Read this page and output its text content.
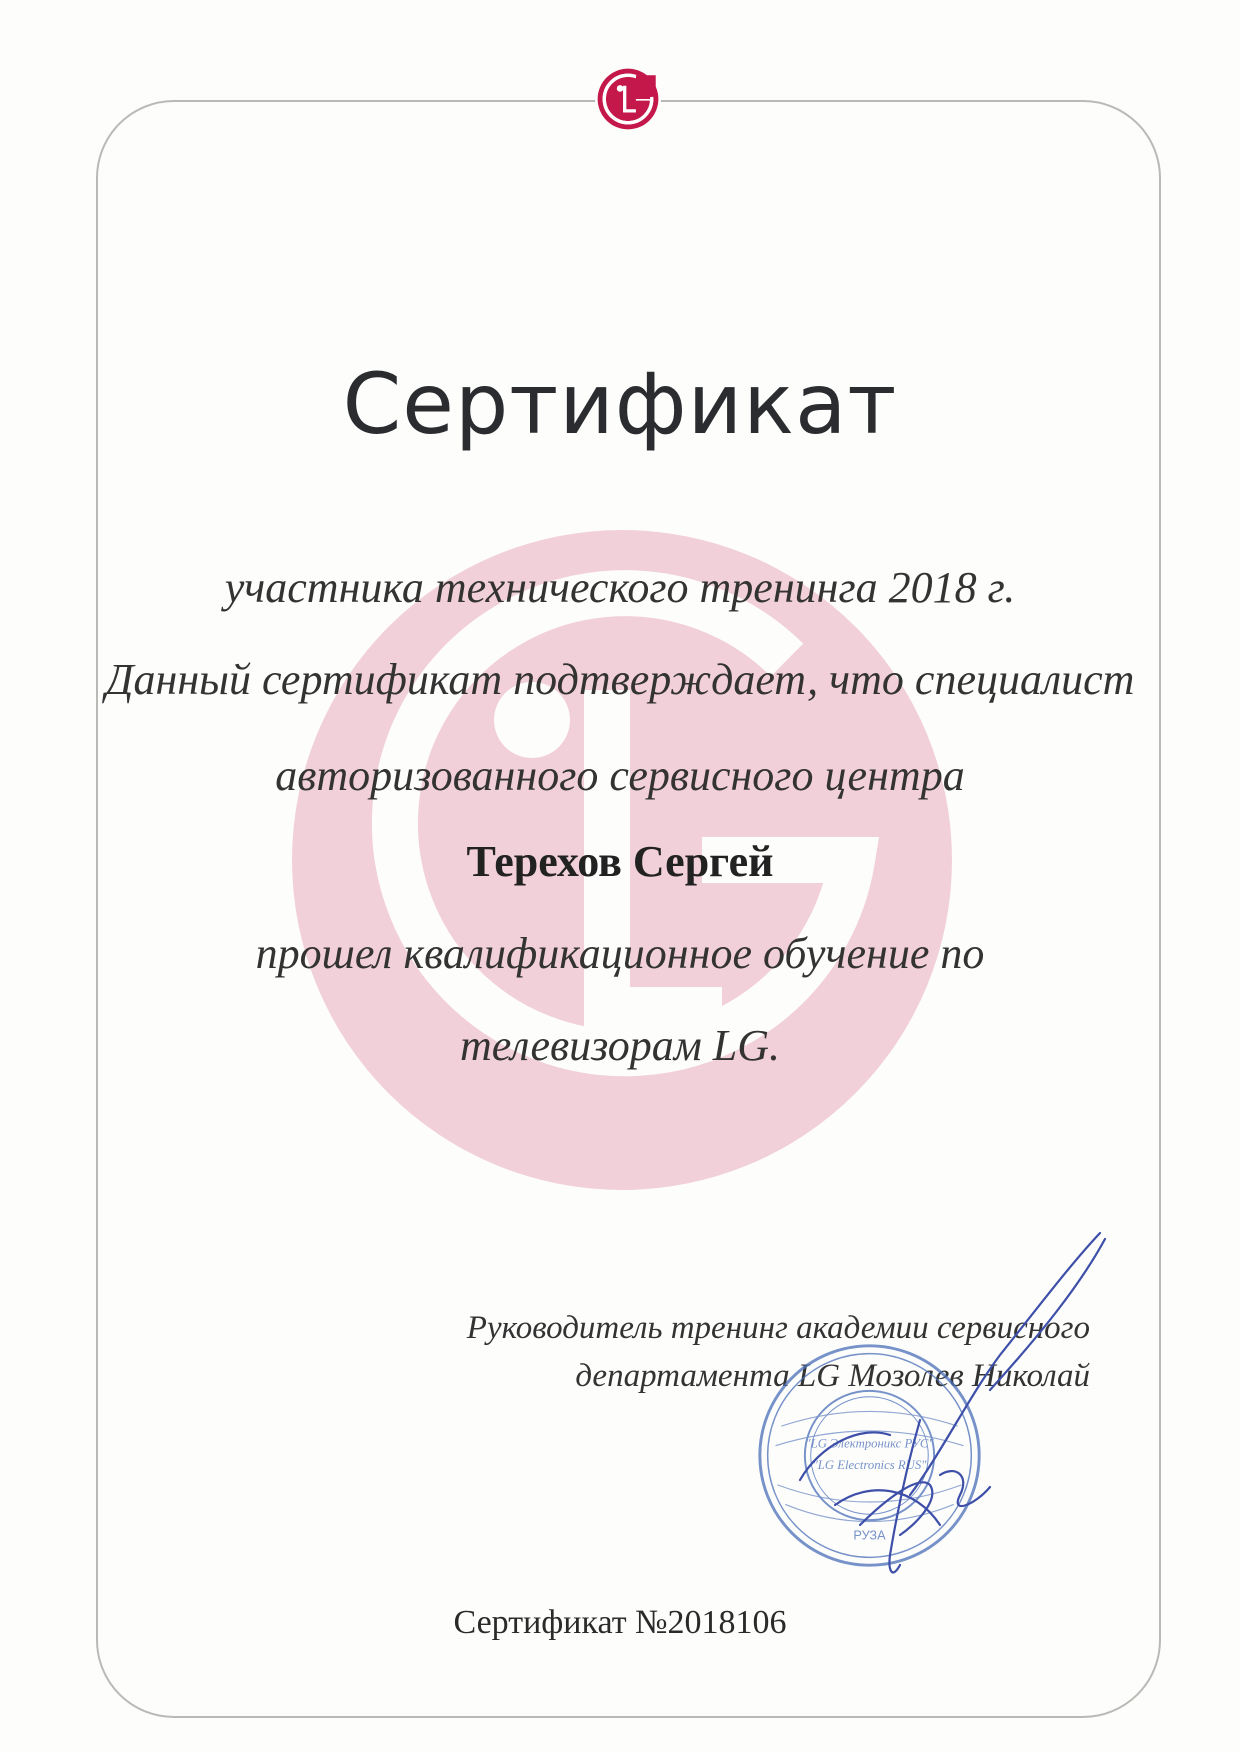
Сертификат
участника технического тренинга 2018 г.
Данный сертификат подтверждает, что специалист
авторизованного сервисного центра
Терехов Сергей
прошел квалификационное обучение по
телевизорам LG.
Руководитель тренинг академии сервисного
департамента LG Мозолев Николай
"LG Электроникс РУС"
"LG Electronics RUS"
РУЗА
Сертификат №2018106
